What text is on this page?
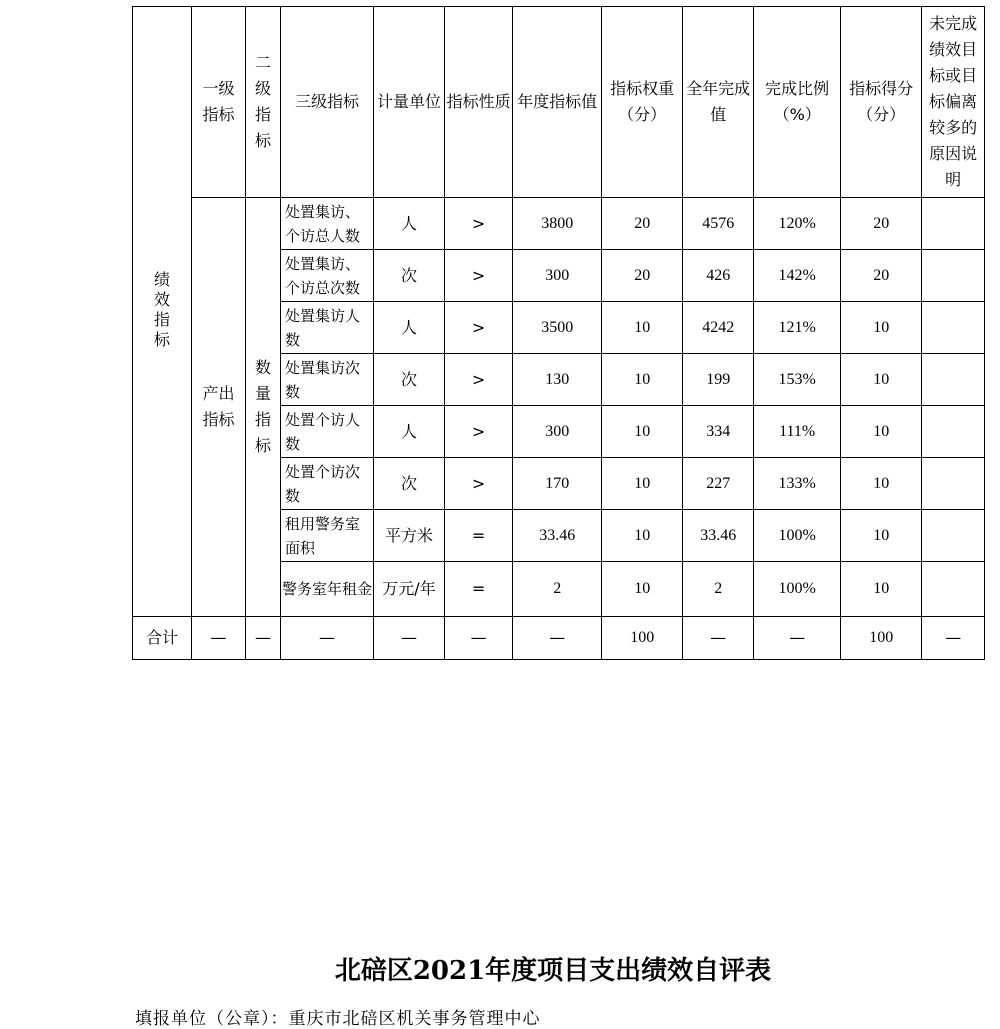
绩效指标	一级指标	二级指标	三级指标	计量单位	指标性质	年度指标值	指标权重（分）	全年完成值	完成比例（%）	指标得分（分）	未完成绩效目标或目标偏离较多的原因说明
	产出指标	数量指标	处置集访、个访总人数	人	>	3800	20	4576	120%	20	

			处置集访、个访总次数	次	>	300	20	426	142%	20	

			处置集访人数	人	>	3500	10	4242	121%	10	

			处置集访次数	次	>	130	10	199	153%	10	

			处置个访人数	人	>	300	10	334	111%	10	

			处置个访次数	次	>	170	10	227	133%	10	

			租用警务室面积	平方米	=	33.46	10	33.46	100%	10	

			警务室年租金	万元/年	=	2	10	2	100%	10	
合计	—	—	—	—	—	—	100	—	—	100	—
北碚区2021年度项目支出绩效自评表
填报单位（公章）：重庆市北碚区机关事务管理中心
